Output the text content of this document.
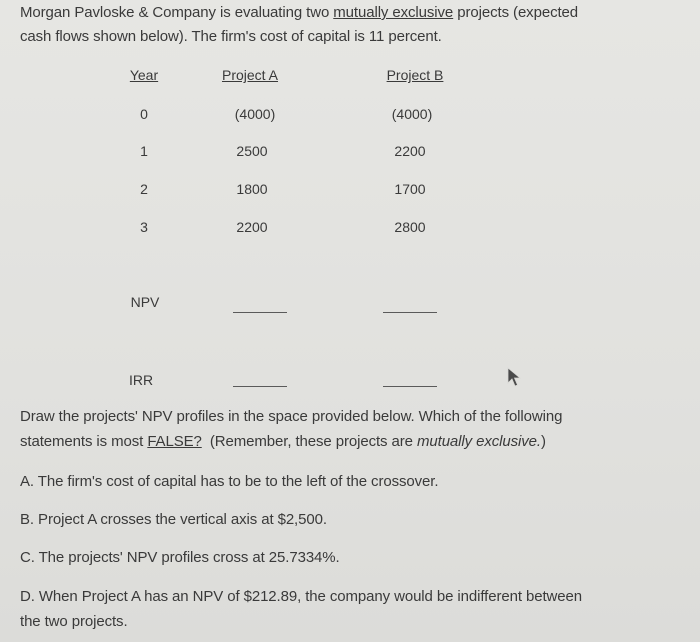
Morgan Pavloske & Company is evaluating two mutually exclusive projects (expected
cash flows shown below). The firm's cost of capital is 11 percent.
Year	Project A	Project B
0	(4000)	(4000)
1	2500	2200
2	1800	1700
3	2200	2800
NPV
IRR
Draw the projects' NPV profiles in the space provided below. Which of the following
statements is most FALSE?  (Remember, these projects are mutually exclusive.)
A. The firm's cost of capital has to be to the left of the crossover.
B. Project A crosses the vertical axis at $2,500.
C. The projects' NPV profiles cross at 25.7334%.
D. When Project A has an NPV of $212.89, the company would be indifferent between
the two projects.
